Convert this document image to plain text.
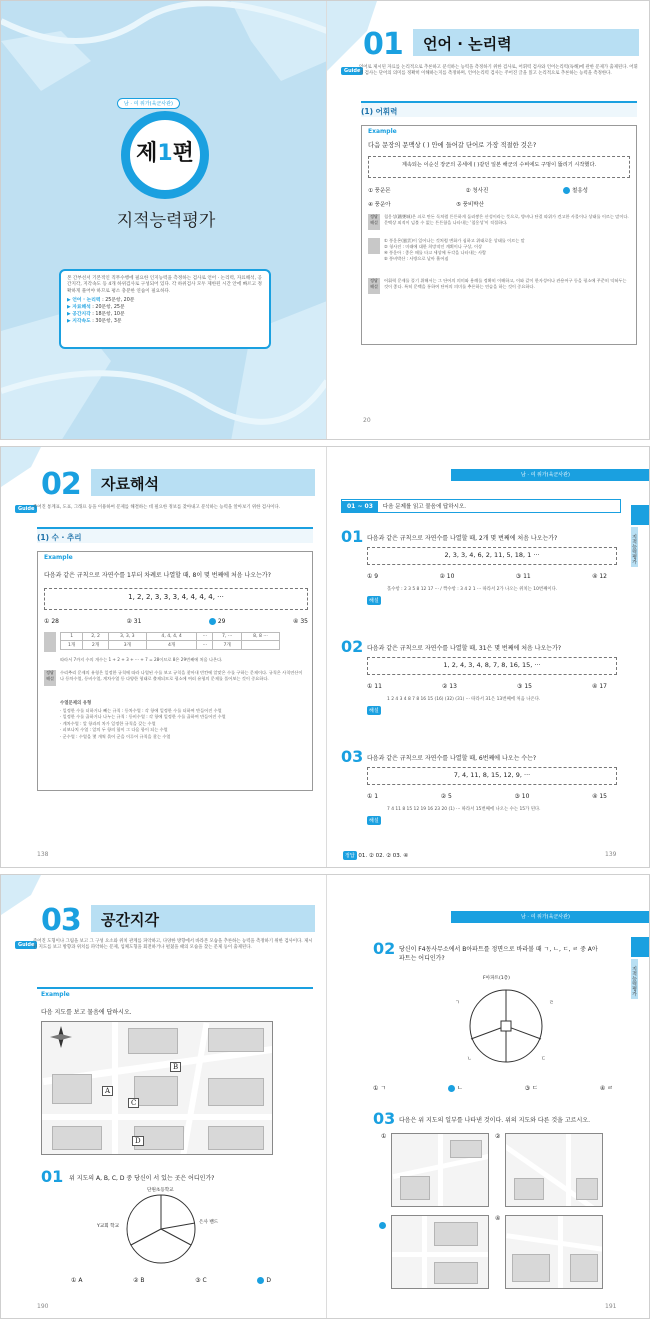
남 · 여 위가(육군사관)
제1편
지적능력평가
본 간부선서 기본적인 직무수행에 필요한 인지능력을 측정하는 검사로 언어 · 논리력, 자료해석, 공간지각, 지각속도 등 4개 하위검사로 구성되어 있다. 각 하위검사 모두 제한된 시간 안에 빠르고 정확하게 풀어야 하므로 평소 충분한 연습이 필요하다.
▶ 언어 · 논리력 : 25문항, 20분
▶ 자료해석 : 20문항, 25분
▶ 공간지각 : 18문항, 10분
▶ 지각속도 : 30문항, 3분
01	언어 · 논리력
Guide
언어로 제시된 자료를 논리적으로 추론하고 분석하는 능력을 측정하기 위한 검사로, 어휘력 검사와 언어논리력(독해)에 관한 문제가 출제된다. 어휘력 검사는 단어의 의미를 정확히 이해하는지를 측정하며, 언어논리력 검사는 주어진 글을 읽고 논리적으로 추론하는 능력을 측정한다.
(1) 어휘력
Example
다음 문장의 문맥상 ( ) 안에 들어갈 단어로 가장 적절한 것은?
계속되는 이순신 장군의 공세에 ( )같던 일본 해군의 수비에도 구멍이 뚫리기 시작했다.
① 풍운몬	② 청사진	철옹성
④ 풍운아	⑤ 풍비박산
정답 해설
철옹성(鐵甕城)은 쇠로 만든 독처럼 튼튼하게 둘러쌓은 산성이라는 뜻으로, 방비나 단결 따위가 견고한 사물이나 상태를 이르는 말이다. 문맥상 외적이 넘볼 수 없는 튼튼함을 나타내는 '철옹성'이 적절하다.
① 풍운몬(風雲)이 일어나는 것처럼 변화가 심하고 위태로운 상태를 이르는 말
② 청사진 : 미래에 대한 희망적인 계획이나 구상, 이상
④ 풍운아 : 좋은 때를 타고 세상에 두각을 나타내는 사람
⑤ 풍비박산 : 사방으로 날아 흩어짐
정답 해설
어휘력 문제를 풀기 위해서는 그 단어의 의미와 용례를 정확히 이해하고, 이와 같이 한자성어나 관용어구 등을 평소에 꾸준히 익혀두는 것이 좋다. 특히 문맥을 통하여 단어의 의미를 추론하는 연습을 하는 것이 중요하다.
20
02	자료해석
Guide
주어진 통계표, 도표, 그래프 등을 이용하여 문제를 해결하는 데 필요한 정보를 찾아내고 분석하는 능력을 알아보기 위한 검사이다.
(1) 수 · 추리
Example
다음과 같은 규칙으로 자연수를 1부터 차례로 나열할 때, 8이 몇 번째에 처음 나오는가?
1, 2, 2, 3, 3, 3, 4, 4, 4, 4, ···
① 28	② 31	29	④ 35
1	2, 2	3, 3, 3	4, 4, 4, 4	···	7, ···	8, 8 ···
1개	2개	3개	4개	···	7개	
따라서 7까지 수의 개수는 1 + 2 + 3 + ··· + 7 = 28이므로 8은 29번째에 처음 나온다.
정답 해설
수리추리 문제의 유형은 일정한 규칙에 따라 나열된 수를 보고 규칙을 찾아내 빈칸에 알맞은 수를 구하는 문제이다. 규칙은 사칙연산이나 등차수열, 등비수열, 계차수열 등 다양한 형태로 출제되므로 평소에 여러 유형의 문제를 풀어보는 것이 중요하다.
수열문제의 유형
· 일정한 수를 더하거나 빼는 규칙 : 등차수열 : 각 항에 일정한 수를 더하여 만들어진 수열
· 일정한 수를 곱하거나 나누는 규칙 : 등비수열 : 각 항에 일정한 수를 곱하여 만들어진 수열
· 계차수열 : 앞 항과의 차가 일정한 규칙을 갖는 수열
· 피보나치 수열 : 앞의 두 항의 합이 그 다음 항이 되는 수열
· 군수열 : 수열을 몇 개씩 묶어 군을 이루어 규칙을 찾는 수열
138
남 · 여 위가(육군사관)
지적능력평가
01 ~ 03	다음 문제를 읽고 물음에 답하시오.
01 다음과 같은 규칙으로 자연수를 나열할 때, 2개 몇 번째에 처음 나오는가?
2, 3, 3, 4, 6, 2, 11, 5, 18, 1 ···
① 9	② 10	③ 11	④ 12
해설
홀수항 : 2 3 5 8 12 17 ··· / 짝수항 : 3 4 2 1 ··· 따라서 2가 나오는 위치는 10번째이다.
02 다음과 같은 규칙으로 자연수를 나열할 때, 31은 몇 번째에 처음 나오는가?
1, 2, 4, 3, 4, 8, 7, 8, 16, 15, ···
① 11	② 13	③ 15	④ 17
해설
1 2 4 3 4 8 7 8 16 15 (16) (32) (31) ··· 따라서 31은 13번째에 처음 나온다.
03 다음과 같은 규칙으로 자연수를 나열할 때, 6번째에 나오는 수는?
7, 4, 11, 8, 15, 12, 9, ···
① 1	② 5	③ 10	④ 15
해설
7 4 11 8 15 12 19 16 23 20 (1) ··· 따라서 15번째에 나오는 수는 15가 된다.
정답 01. ② 02. ② 03. ④	139
03	공간지각
Guide
주어진 도형이나 그림을 보고 그 구성 요소와 위치 관계를 파악하고, 다양한 방향에서 바라본 모습을 추론하는 능력을 측정하기 위한 검사이다. 제시된 지도를 보고 방향과 위치를 파악하는 문제, 입체도형을 회전하거나 펼쳤을 때의 모습을 찾는 문제 등이 출제된다.
Example
다음 지도를 보고 물음에 답하시오.
A
B
C
D
01 위 지도의 A, B, C, D 중 당신이 서 있는 곳은 어디인가?
단원초등학교
Y교회 학교
은사 밴드
① A	② B	③ C	D
190
남 · 여 위가(육군사관)
지적능력평가
02 당신이 F4동사무소에서 B아파트를 정면으로 바라볼 때 ㄱ, ㄴ, ㄷ, ㄹ 중 A아파트는 어디인가?
F아파트(1층)
ㄱ
ㄴ	ㄷ
ㄹ
① ㄱ	ㄴ	③ ㄷ	④ ㄹ
03 다음은 위 지도의 일부를 나타낸 것이다. 위의 지도와 다른 것을 고르시오.
①	②
④
191
